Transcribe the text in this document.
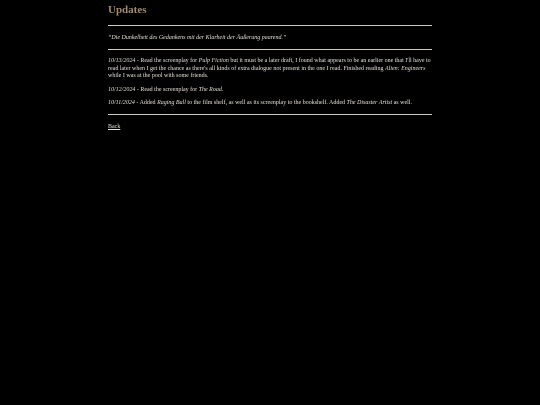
Updates

“Die Dunkelheit des Gedankens mit der Klarheit der Äußerung paarend.”

10/13/2024 - Read the screenplay for Pulp Fiction but it must be a later draft, I found what appears to be an earlier one that I'll have to read later when I get the chance as there's all kinds of extra dialogue not present in the one I read. Finished reading Alien: Engineers while I was at the pool with some friends.

10/12/2024 - Read the screenplay for The Road.

10/11/2024 - Added Raging Bull to the film shelf, as well as its screenplay to the bookshelf. Added The Disaster Artist as well.

Back
